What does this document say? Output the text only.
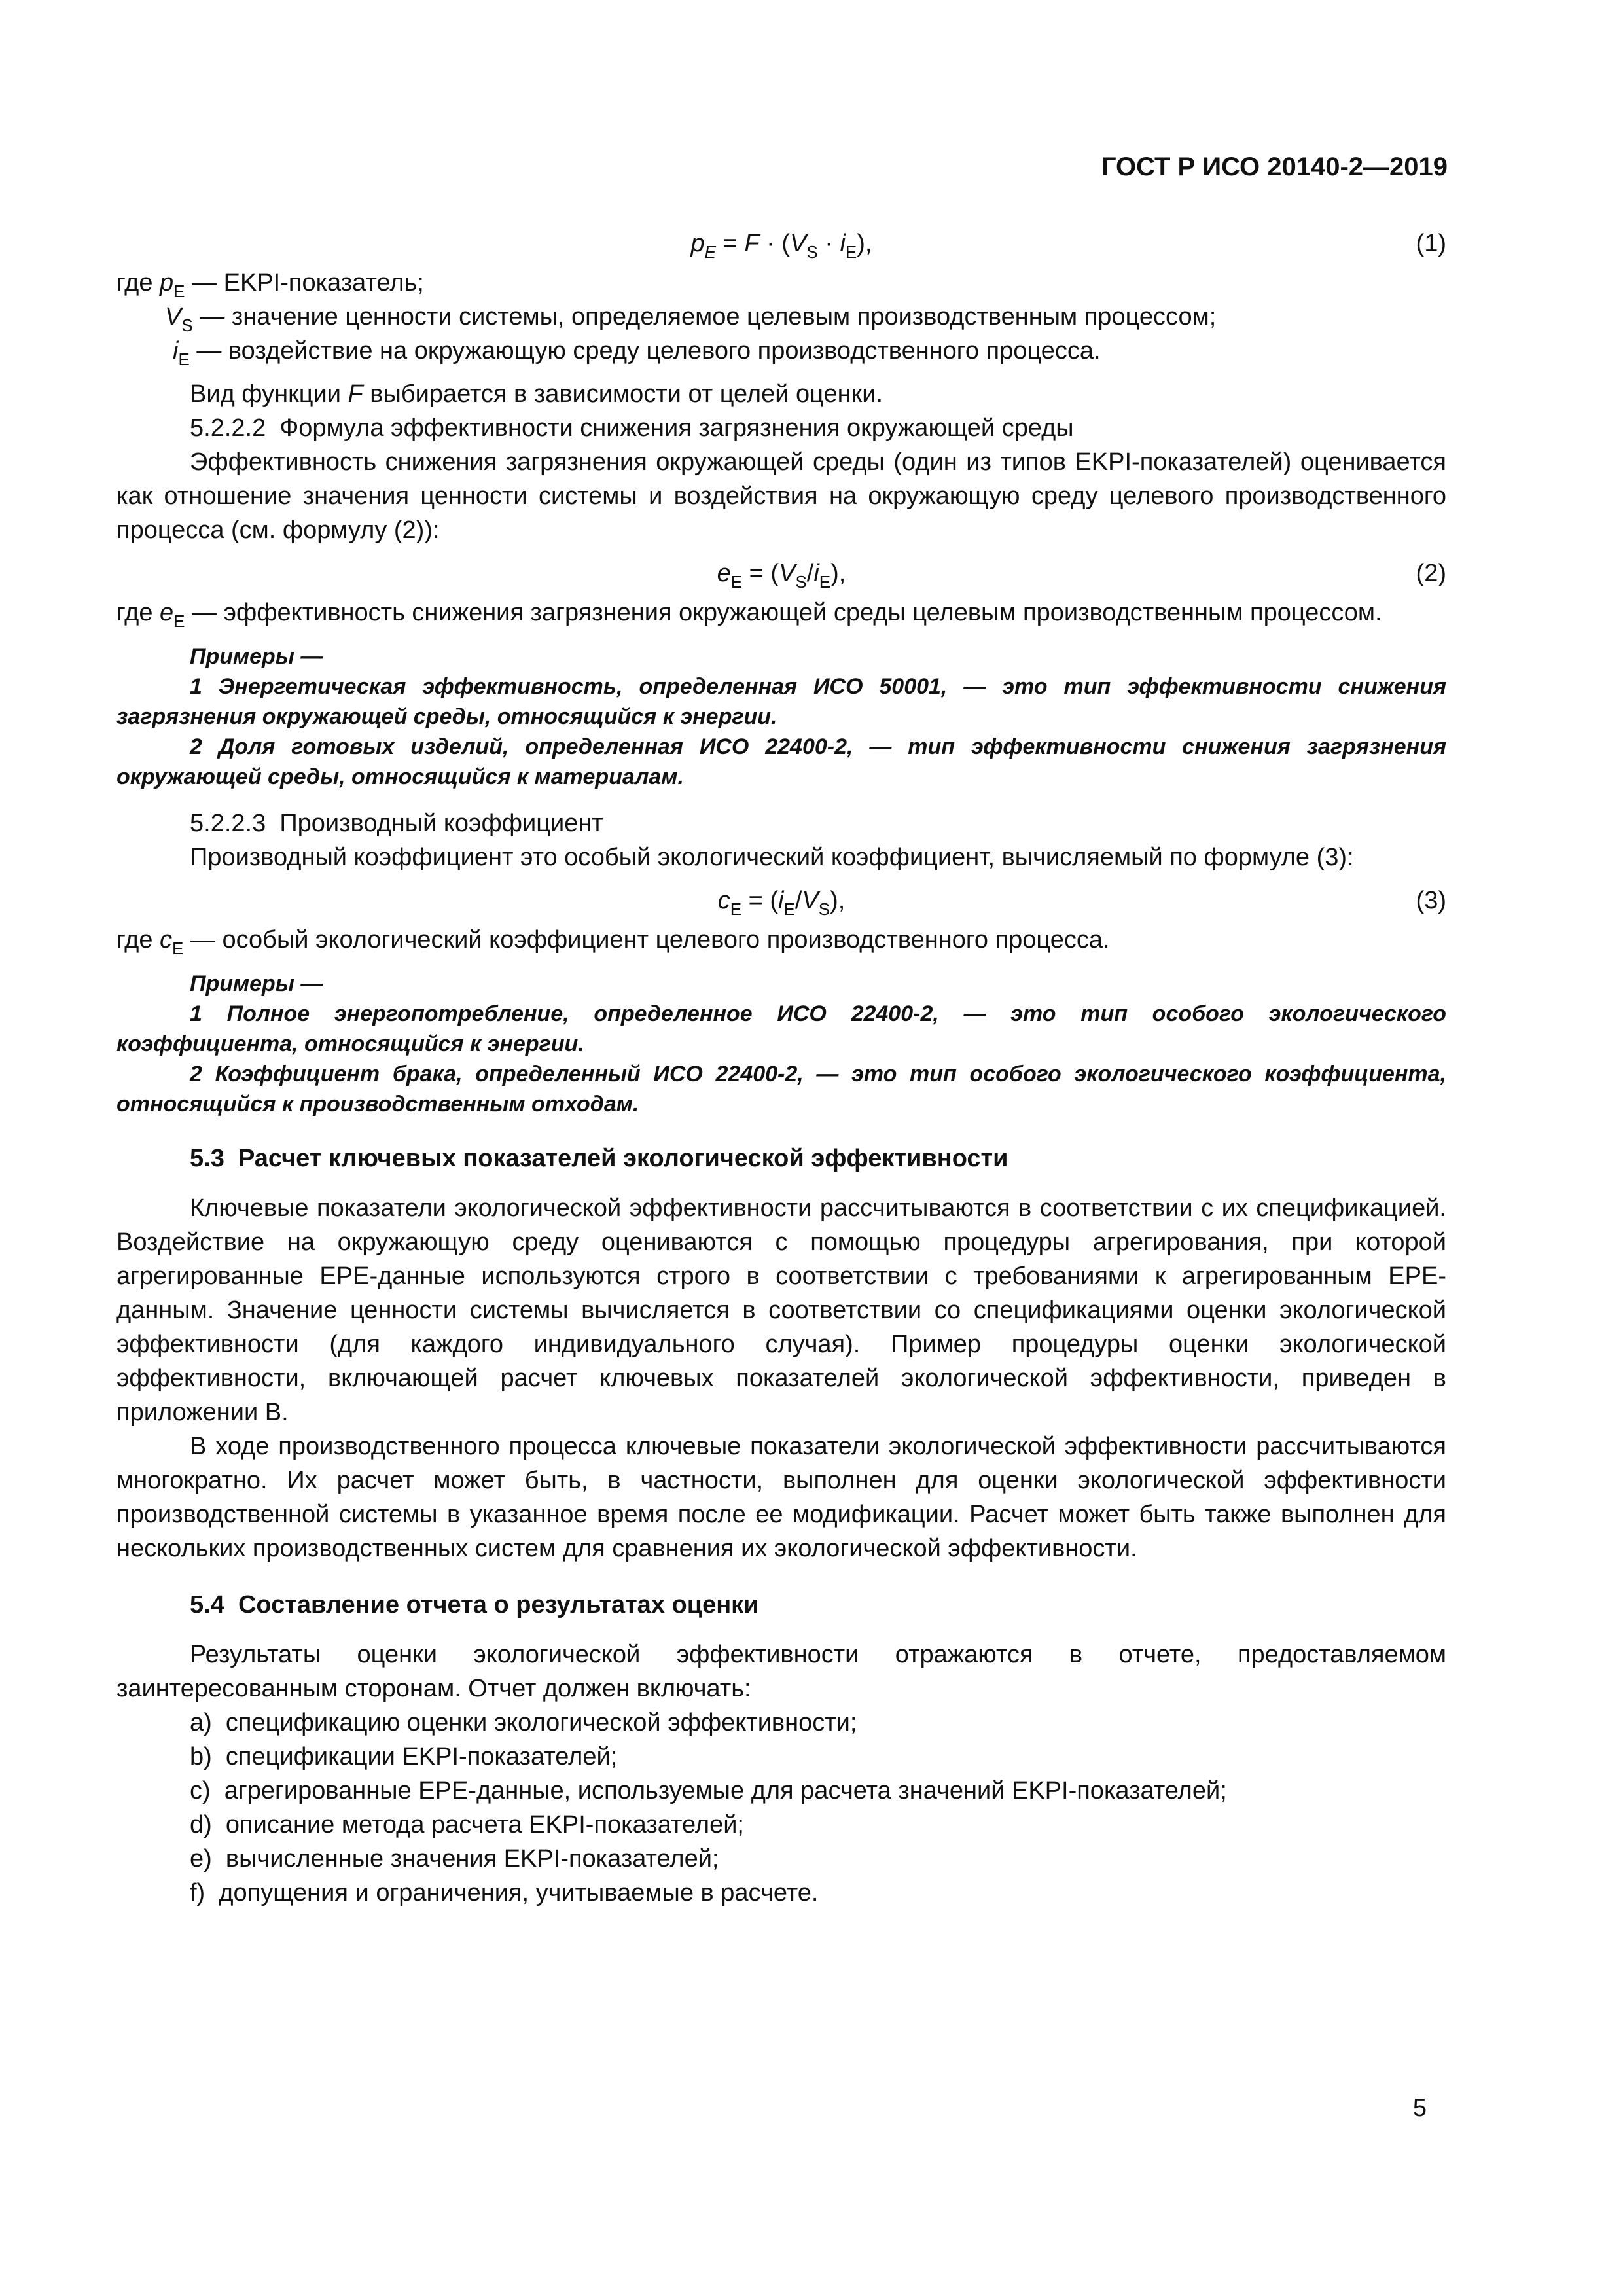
ГОСТ Р ИСО 20140-2—2019
$p_E = F \cdot (V_S \cdot i_E)$,	(1)
где $p_E$ — EKPI-показатель;
$V_S$ — значение ценности системы, определяемое целевым производственным процессом;
$i_E$ — воздействие на окружающую среду целевого производственного процесса.

Вид функции F выбирается в зависимости от целей оценки.

5.2.2.2  Формула эффективности снижения загрязнения окружающей среды

Эффективность снижения загрязнения окружающей среды (один из типов EKPI-показателей) оценивается как отношение значения ценности системы и воздействия на окружающую среду целевого производственного процесса (см. формулу (2)):

$e_E = (V_S/i_E)$,	(2)

где $e_E$ — эффективность снижения загрязнения окружающей среды целевым производственным процессом.

Примеры —

1 Энергетическая эффективность, определенная ИСО 50001, — это тип эффективности снижения загрязнения окружающей среды, относящийся к энергии.

2 Доля готовых изделий, определенная ИСО 22400-2, — тип эффективности снижения загрязнения окружающей среды, относящийся к материалам.

5.2.2.3  Производный коэффициент

Производный коэффициент это особый экологический коэффициент, вычисляемый по формуле (3):

$c_E = (i_E/V_S)$,	(3)

где $c_E$ — особый экологический коэффициент целевого производственного процесса.

Примеры —

1 Полное энергопотребление, определенное ИСО 22400-2, — это тип особого экологического коэффициента, относящийся к энергии.

2 Коэффициент брака, определенный ИСО 22400-2, — это тип особого экологического коэффициента, относящийся к производственным отходам.

5.3  Расчет ключевых показателей экологической эффективности

Ключевые показатели экологической эффективности рассчитываются в соответствии с их спецификацией. Воздействие на окружающую среду оцениваются с помощью процедуры агрегирования, при которой агрегированные EPE-данные используются строго в соответствии с требованиями к агрегированным EPE-данным. Значение ценности системы вычисляется в соответствии со спецификациями оценки экологической эффективности (для каждого индивидуального случая). Пример процедуры оценки экологической эффективности, включающей расчет ключевых показателей экологической эффективности, приведен в приложении В.

В ходе производственного процесса ключевые показатели экологической эффективности рассчитываются многократно. Их расчет может быть, в частности, выполнен для оценки экологической эффективности производственной системы в указанное время после ее модификации. Расчет может быть также выполнен для нескольких производственных систем для сравнения их экологической эффективности.

5.4  Составление отчета о результатах оценки

Результаты оценки экологической эффективности отражаются в отчете, предоставляемом заинтересованным сторонам. Отчет должен включать:

a)  спецификацию оценки экологической эффективности;

b)  спецификации EKPI-показателей;

c)  агрегированные EPE-данные, используемые для расчета значений EKPI-показателей;

d)  описание метода расчета EKPI-показателей;

e)  вычисленные значения EKPI-показателей;

f)  допущения и ограничения, учитываемые в расчете.

5
